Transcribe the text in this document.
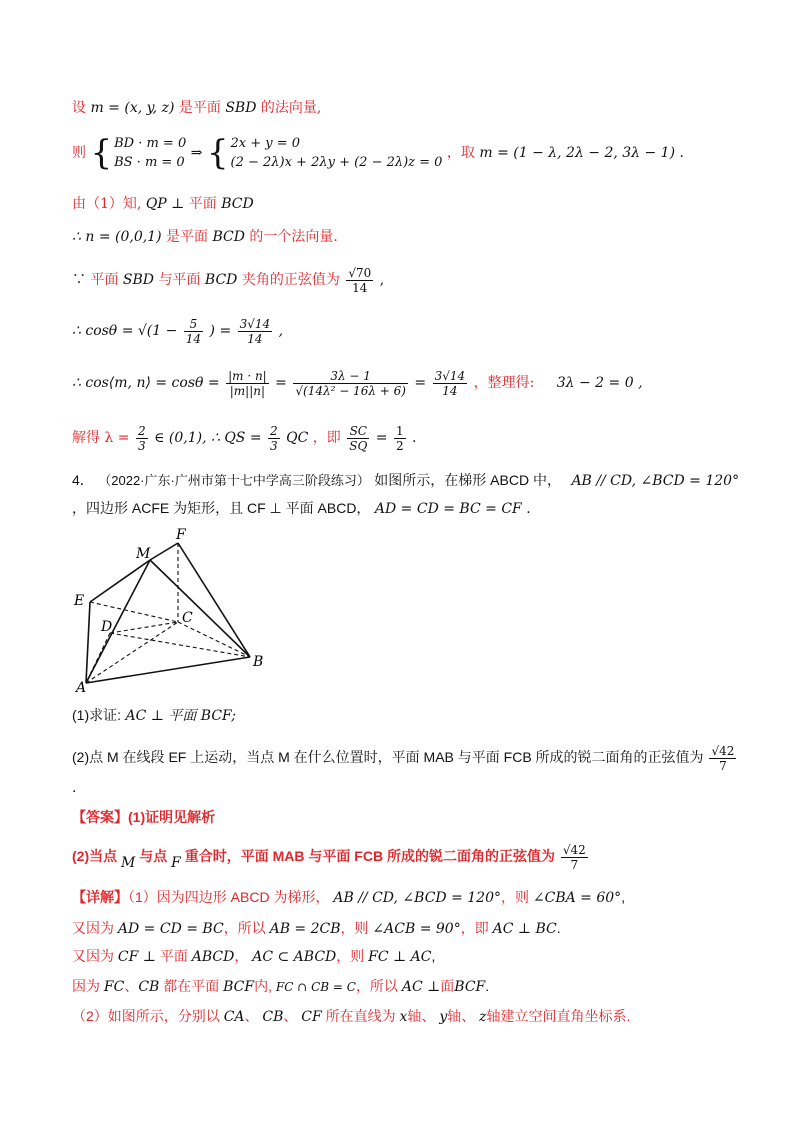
设 m = (x, y, z) 是平面 SBD 的法向量,
则 { BD · m = 0
BS · m = 0
⇒ { 2x + y = 0
(2 − 2λ)x + 2λy + (2 − 2λ)z = 0
，取 m = (1 − λ, 2λ − 2, 3λ − 1) .
由（1）知, QP ⊥ 平面 BCD
∴ n = (0,0,1) 是平面 BCD 的一个法向量.
∵ 平面 SBD 与平面 BCD 夹角的正弦值为 $\frac{√70}{14}$ ,
∴ $\cos\theta = √(1 - \frac{5}{14}$ ) = $\frac{3√14}{14}$ ,
∴ cos⟨m, n⟩ = $\cos\theta = \frac{|m \cdot n|}{|m||n|} = \frac{3\lambda - 1}{\text{√(14λ² − 16λ + 6)}} = \frac{3√14}{14}$ ，整理得: 3λ − 2 = 0 ,
解得 $\lambda = \frac{2}{3}$ ∈ (0,1), ∴ QS = $\frac{2}{3}$ QC ，即 $\frac{SC}{SQ} = \frac{1}{2}$ .
4． （2022·广东·广州市第十七中学高三阶段练习） 如图所示，在梯形 ABCD 中， AB // CD, ∠BCD = 120°
，四边形 ACFE 为矩形，且 CF ⊥ 平面 ABCD， AD = CD = BC = CF .
F
M
E
D
C
B
A
(1)求证: AC ⊥ 平面 BCF;
(2)点 M 在线段 EF 上运动，当点 M 在什么位置时，平面 MAB 与平面 FCB 所成的锐二面角的正弦值为 $\frac{√42}{7}$
.
【答案】(1)证明见解析
(2)当点 M 与点 F 重合时，平面 MAB 与平面 FCB 所成的锐二面角的正弦值为 $\frac{√42}{7}$
【详解】（1）因为四边形 ABCD 为梯形， AB // CD, ∠BCD = 120°，则 ∠CBA = 60°,
又因为 AD = CD = BC，所以 AB = 2CB，则 ∠ACB = 90°，即 AC ⊥ BC.
又因为 CF ⊥ 平面 ABCD， AC ⊂ ABCD，则 FC ⊥ AC,
因为 FC、CB 都在平面 BCF内, FC ∩ CB = C，所以 AC ⊥面BCF.
（2）如图所示，分别以 CA、 CB、 CF 所在直线为 x轴、 y轴、 z轴建立空间直角坐标系.
